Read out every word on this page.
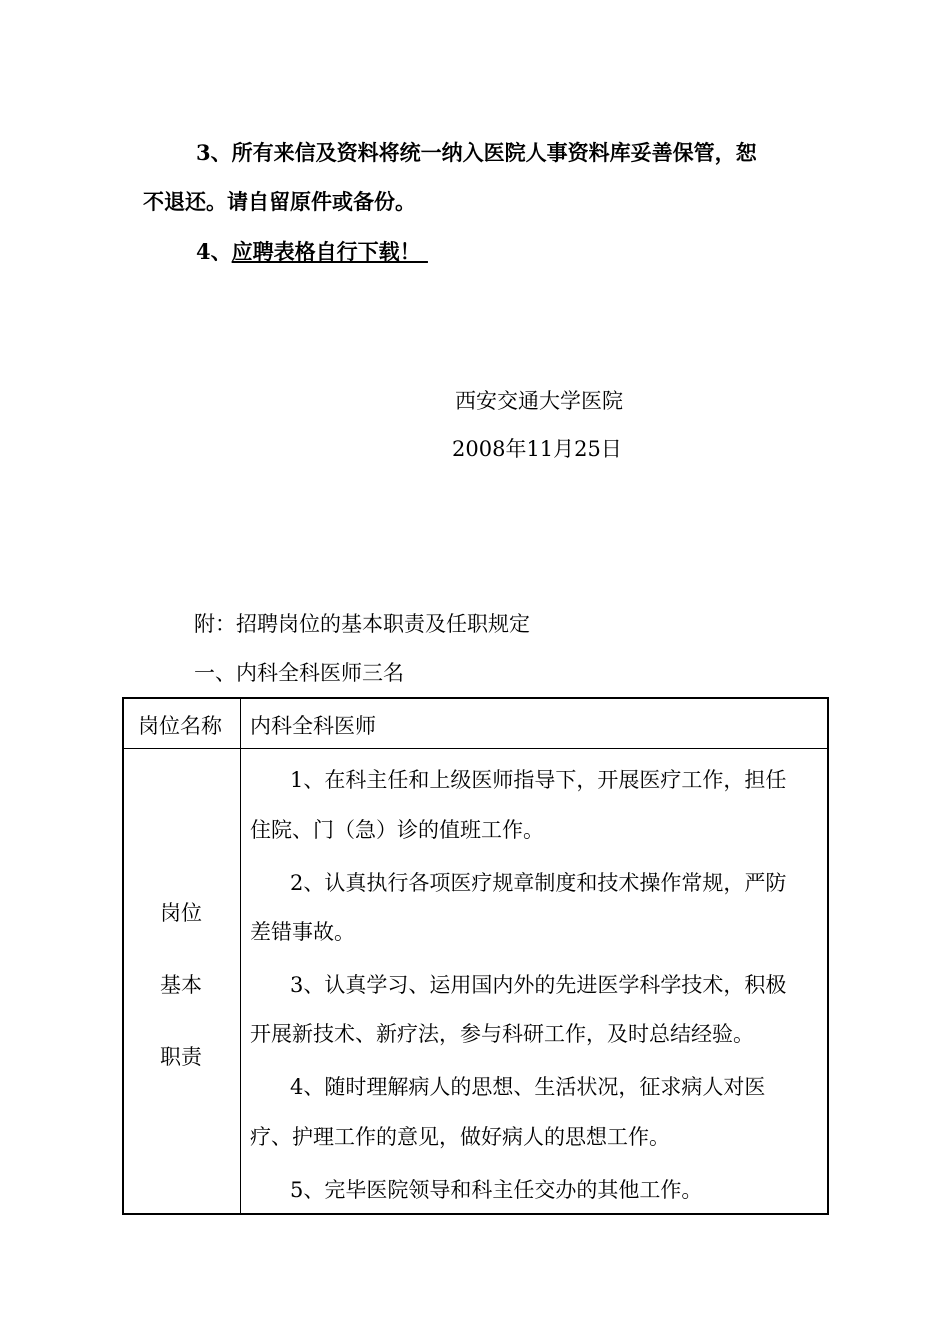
3、所有来信及资料将统一纳入医院人事资料库妥善保管，恕
不退还。请自留原件或备份。
4、应聘表格自行下载！
西安交通大学医院
2008年11月25日
附：招聘岗位的基本职责及任职规定
一、内科全科医师三名
岗位名称 内科全科医师
岗位
基本
职责
1、在科主任和上级医师指导下，开展医疗工作，担任
住院、门（急）诊的值班工作。
2、认真执行各项医疗规章制度和技术操作常规，严防
差错事故。
3、认真学习、运用国内外的先进医学科学技术，积极
开展新技术、新疗法，参与科研工作，及时总结经验。
4、随时理解病人的思想、生活状况，征求病人对医
疗、护理工作的意见，做好病人的思想工作。
5、完毕医院领导和科主任交办的其他工作。
